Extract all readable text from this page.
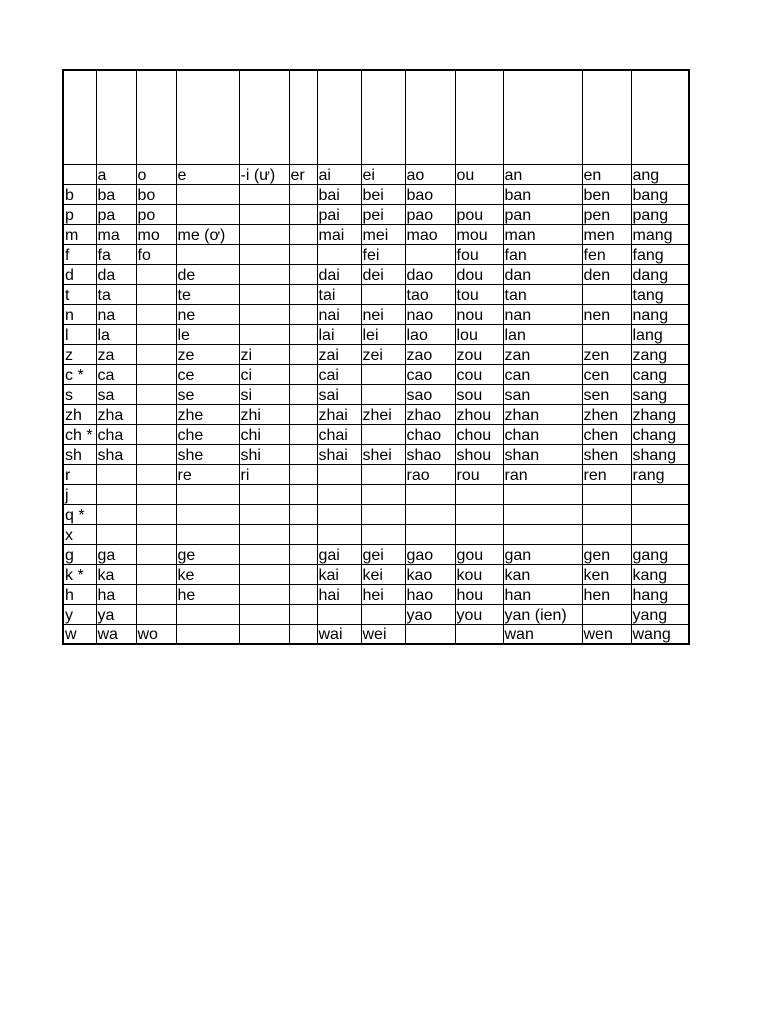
	a	o	e	-i (ư)	er	ai	ei	ao	ou	an	en	ang
b	ba	bo				bai	bei	bao		ban	ben	bang
p	pa	po				pai	pei	pao	pou	pan	pen	pang
m	ma	mo	me (ơ)			mai	mei	mao	mou	man	men	mang
f	fa	fo					fei		fou	fan	fen	fang
d	da		de			dai	dei	dao	dou	dan	den	dang
t	ta		te			tai		tao	tou	tan		tang
n	na		ne			nai	nei	nao	nou	nan	nen	nang
l	la		le			lai	lei	lao	lou	lan		lang
z	za		ze	zi		zai	zei	zao	zou	zan	zen	zang
c *	ca		ce	ci		cai		cao	cou	can	cen	cang
s	sa		se	si		sai		sao	sou	san	sen	sang
zh	zha		zhe	zhi		zhai	zhei	zhao	zhou	zhan	zhen	zhang
ch *	cha		che	chi		chai		chao	chou	chan	chen	chang
sh	sha		she	shi		shai	shei	shao	shou	shan	shen	shang
r			re	ri				rao	rou	ran	ren	rang
j												
q *												
x												
g	ga		ge			gai	gei	gao	gou	gan	gen	gang
k *	ka		ke			kai	kei	kao	kou	kan	ken	kang
h	ha		he			hai	hei	hao	hou	han	hen	hang
y	ya							yao	you	yan (ien)		yang
w	wa	wo				wai	wei			wan	wen	wang
